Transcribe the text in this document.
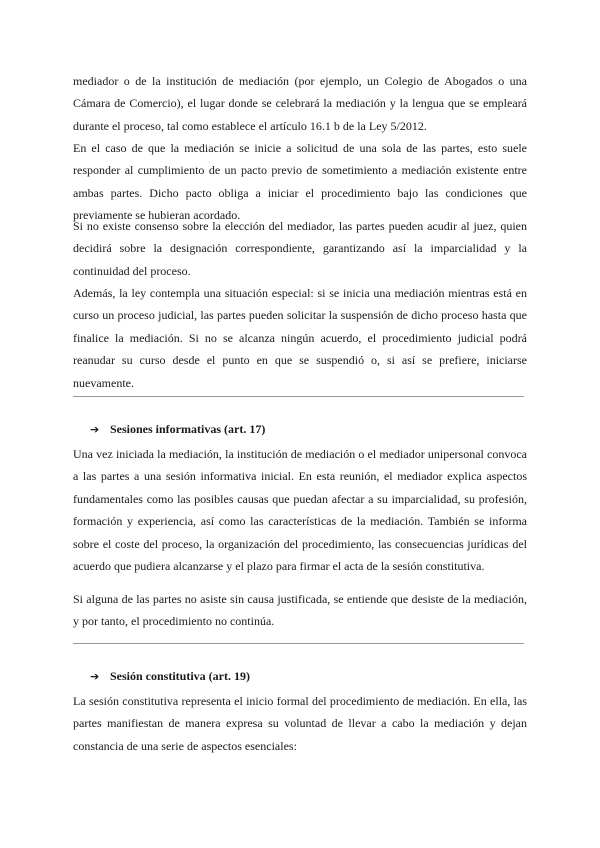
mediador o de la institución de mediación (por ejemplo, un Colegio de Abogados o una Cámara de Comercio), el lugar donde se celebrará la mediación y la lengua que se empleará durante el proceso, tal como establece el artículo 16.1 b de la Ley 5/2012.

En el caso de que la mediación se inicie a solicitud de una sola de las partes, esto suele responder al cumplimiento de un pacto previo de sometimiento a mediación existente entre ambas partes. Dicho pacto obliga a iniciar el procedimiento bajo las condiciones que previamente se hubieran acordado.

Si no existe consenso sobre la elección del mediador, las partes pueden acudir al juez, quien decidirá sobre la designación correspondiente, garantizando así la imparcialidad y la continuidad del proceso.

Además, la ley contempla una situación especial: si se inicia una mediación mientras está en curso un proceso judicial, las partes pueden solicitar la suspensión de dicho proceso hasta que finalice la mediación. Si no se alcanza ningún acuerdo, el procedimiento judicial podrá reanudar su curso desde el punto en que se suspendió o, si así se prefiere, iniciarse nuevamente.

➔ Sesiones informativas (art. 17)

Una vez iniciada la mediación, la institución de mediación o el mediador unipersonal convoca a las partes a una sesión informativa inicial. En esta reunión, el mediador explica aspectos fundamentales como las posibles causas que puedan afectar a su imparcialidad, su profesión, formación y experiencia, así como las características de la mediación. También se informa sobre el coste del proceso, la organización del procedimiento, las consecuencias jurídicas del acuerdo que pudiera alcanzarse y el plazo para firmar el acta de la sesión constitutiva.

Si alguna de las partes no asiste sin causa justificada, se entiende que desiste de la mediación, y por tanto, el procedimiento no continúa.

➔ Sesión constitutiva (art. 19)

La sesión constitutiva representa el inicio formal del procedimiento de mediación. En ella, las partes manifiestan de manera expresa su voluntad de llevar a cabo la mediación y dejan constancia de una serie de aspectos esenciales:
